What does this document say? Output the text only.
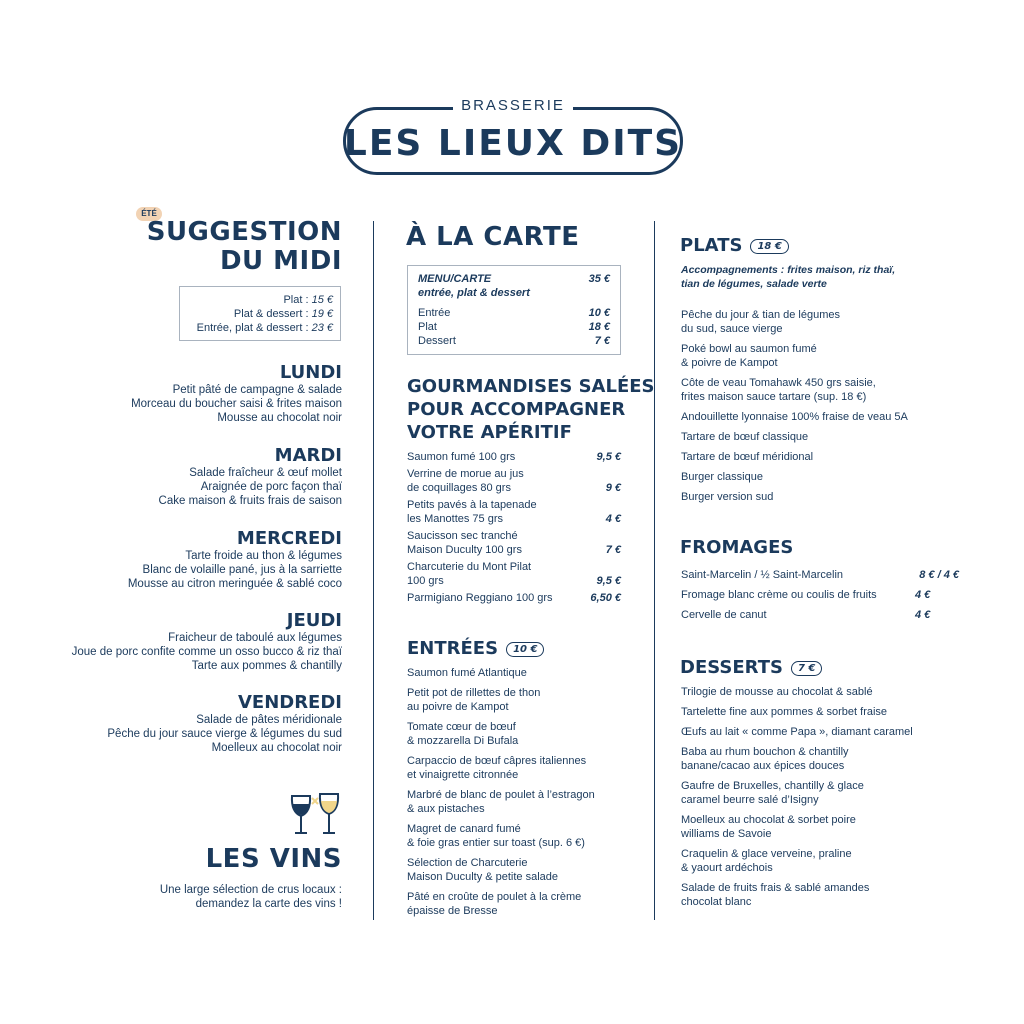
BRASSERIE
LES LIEUX DITS
ÉTÉ
SUGGESTION
DU MIDI
Plat : 15 €
Plat & dessert : 19 €
Entrée, plat & dessert : 23 €
LUNDI
Petit pâté de campagne & salade
Morceau du boucher saisi & frites maison
Mousse au chocolat noir
MARDI
Salade fraîcheur & œuf mollet
Araignée de porc façon thaï
Cake maison & fruits frais de saison
MERCREDI
Tarte froide au thon & légumes
Blanc de volaille pané, jus à la sarriette
Mousse au citron meringuée & sablé coco
JEUDI
Fraicheur de taboulé aux légumes
Joue de porc confite comme un osso bucco & riz thaï
Tarte aux pommes & chantilly
VENDREDI
Salade de pâtes méridionale
Pêche du jour sauce vierge & légumes du sud
Moelleux au chocolat noir
LES VINS
Une large sélection de crus locaux :
demandez la carte des vins !
À LA CARTE
MENU/CARTE	35 €
entrée, plat & dessert
Entrée	10 €
Plat	18 €
Dessert	7 €
GOURMANDISES SALÉES
POUR ACCOMPAGNER
VOTRE APÉRITIF
Saumon fumé 100 grs	9,5 €
Verrine de morue au jus
de coquillages 80 grs	9 €
Petits pavés à la tapenade
les Manottes 75 grs	4 €
Saucisson sec tranché
Maison Duculty 100 grs	7 €
Charcuterie du Mont Pilat
100 grs	9,5 €
Parmigiano Reggiano 100 grs	6,50 €
ENTRÉES 10 €
Saumon fumé Atlantique
Petit pot de rillettes de thon
au poivre de Kampot
Tomate cœur de bœuf
& mozzarella Di Bufala
Carpaccio de bœuf câpres italiennes
et vinaigrette citronnée
Marbré de blanc de poulet à l’estragon
& aux pistaches
Magret de canard fumé
& foie gras entier sur toast (sup. 6 €)
Sélection de Charcuterie
Maison Duculty & petite salade
Pâté en croûte de poulet à la crème
épaisse de Bresse
PLATS 18 €
Accompagnements : frites maison, riz thaï,
tian de légumes, salade verte
Pêche du jour & tian de légumes
du sud, sauce vierge
Poké bowl au saumon fumé
& poivre de Kampot
Côte de veau Tomahawk 450 grs saisie,
frites maison sauce tartare (sup. 18 €)
Andouillette lyonnaise 100% fraise de veau 5A
Tartare de bœuf classique
Tartare de bœuf méridional
Burger classique
Burger version sud
FROMAGES
Saint-Marcelin / ½ Saint-Marcelin	8 € / 4 €
Fromage blanc crème ou coulis de fruits	4 €
Cervelle de canut	4 €
DESSERTS 7 €
Trilogie de mousse au chocolat & sablé
Tartelette fine aux pommes & sorbet fraise
Œufs au lait « comme Papa », diamant caramel
Baba au rhum bouchon & chantilly
banane/cacao aux épices douces
Gaufre de Bruxelles, chantilly & glace
caramel beurre salé d’Isigny
Moelleux au chocolat & sorbet poire
williams de Savoie
Craquelin & glace verveine, praline
& yaourt ardéchois
Salade de fruits frais & sablé amandes
chocolat blanc
